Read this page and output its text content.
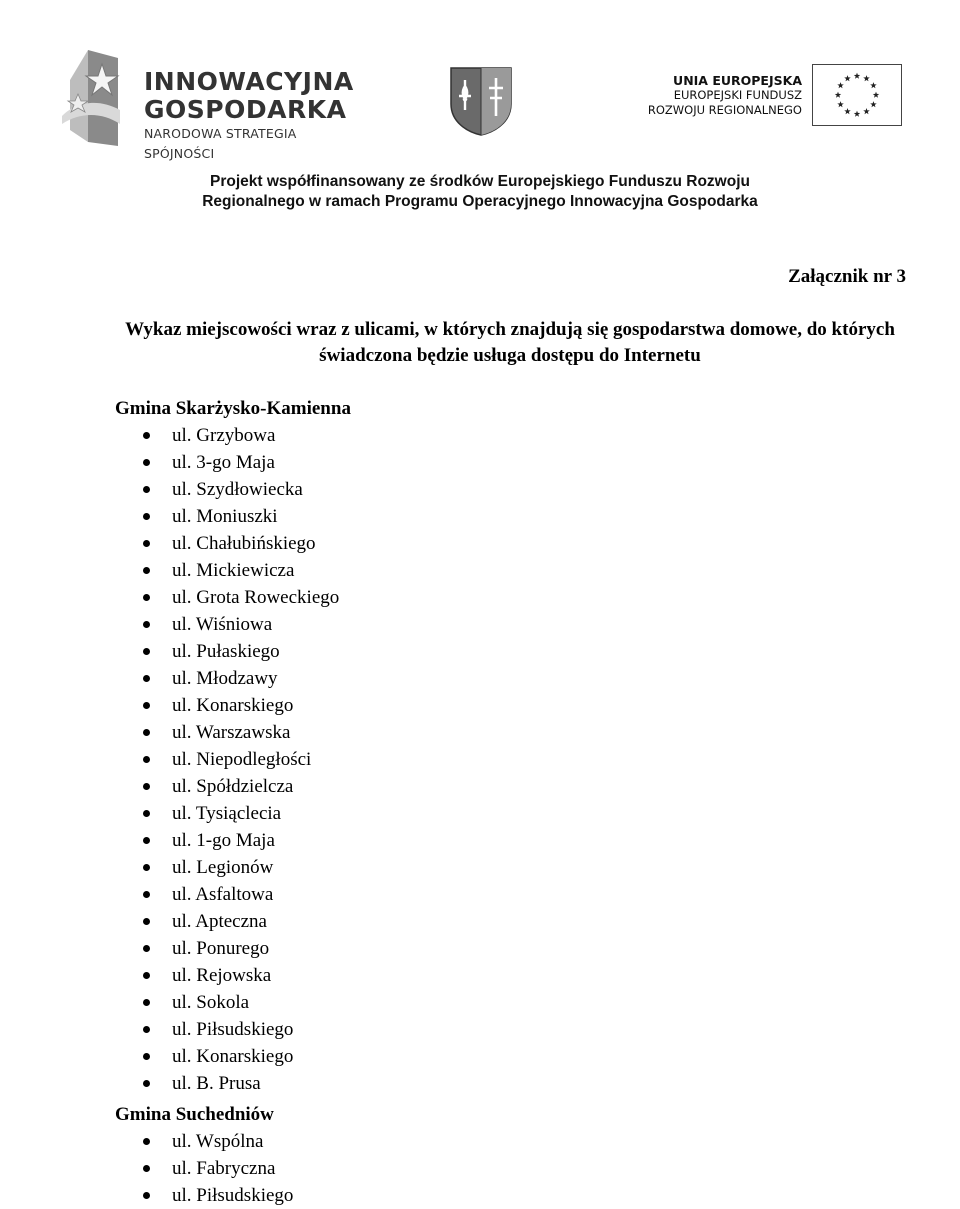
INNOWACYJNA
GOSPODARKA
NARODOWA STRATEGIA SPÓJNOŚCI
UNIA EUROPEJSKA
EUROPEJSKI FUNDUSZ
ROZWOJU REGIONALNEGO
Projekt współfinansowany ze środków Europejskiego Funduszu Rozwoju
Regionalnego w ramach Programu Operacyjnego Innowacyjna Gospodarka
Załącznik nr 3
Wykaz miejscowości wraz z ulicami, w których znajdują się gospodarstwa domowe, do których
świadczona będzie usługa dostępu do Internetu
Gmina Skarżysko-Kamienna
ul. Grzybowa
ul. 3-go Maja
ul. Szydłowiecka
ul. Moniuszki
ul. Chałubińskiego
ul. Mickiewicza
ul. Grota Roweckiego
ul. Wiśniowa
ul. Pułaskiego
ul. Młodzawy
ul. Konarskiego
ul. Warszawska
ul. Niepodległości
ul. Spółdzielcza
ul. Tysiąclecia
ul. 1-go Maja
ul. Legionów
ul. Asfaltowa
ul. Apteczna
ul. Ponurego
ul. Rejowska
ul. Sokola
ul. Piłsudskiego
ul. Konarskiego
ul. B. Prusa
Gmina Suchedniów
ul. Wspólna
ul. Fabryczna
ul. Piłsudskiego
